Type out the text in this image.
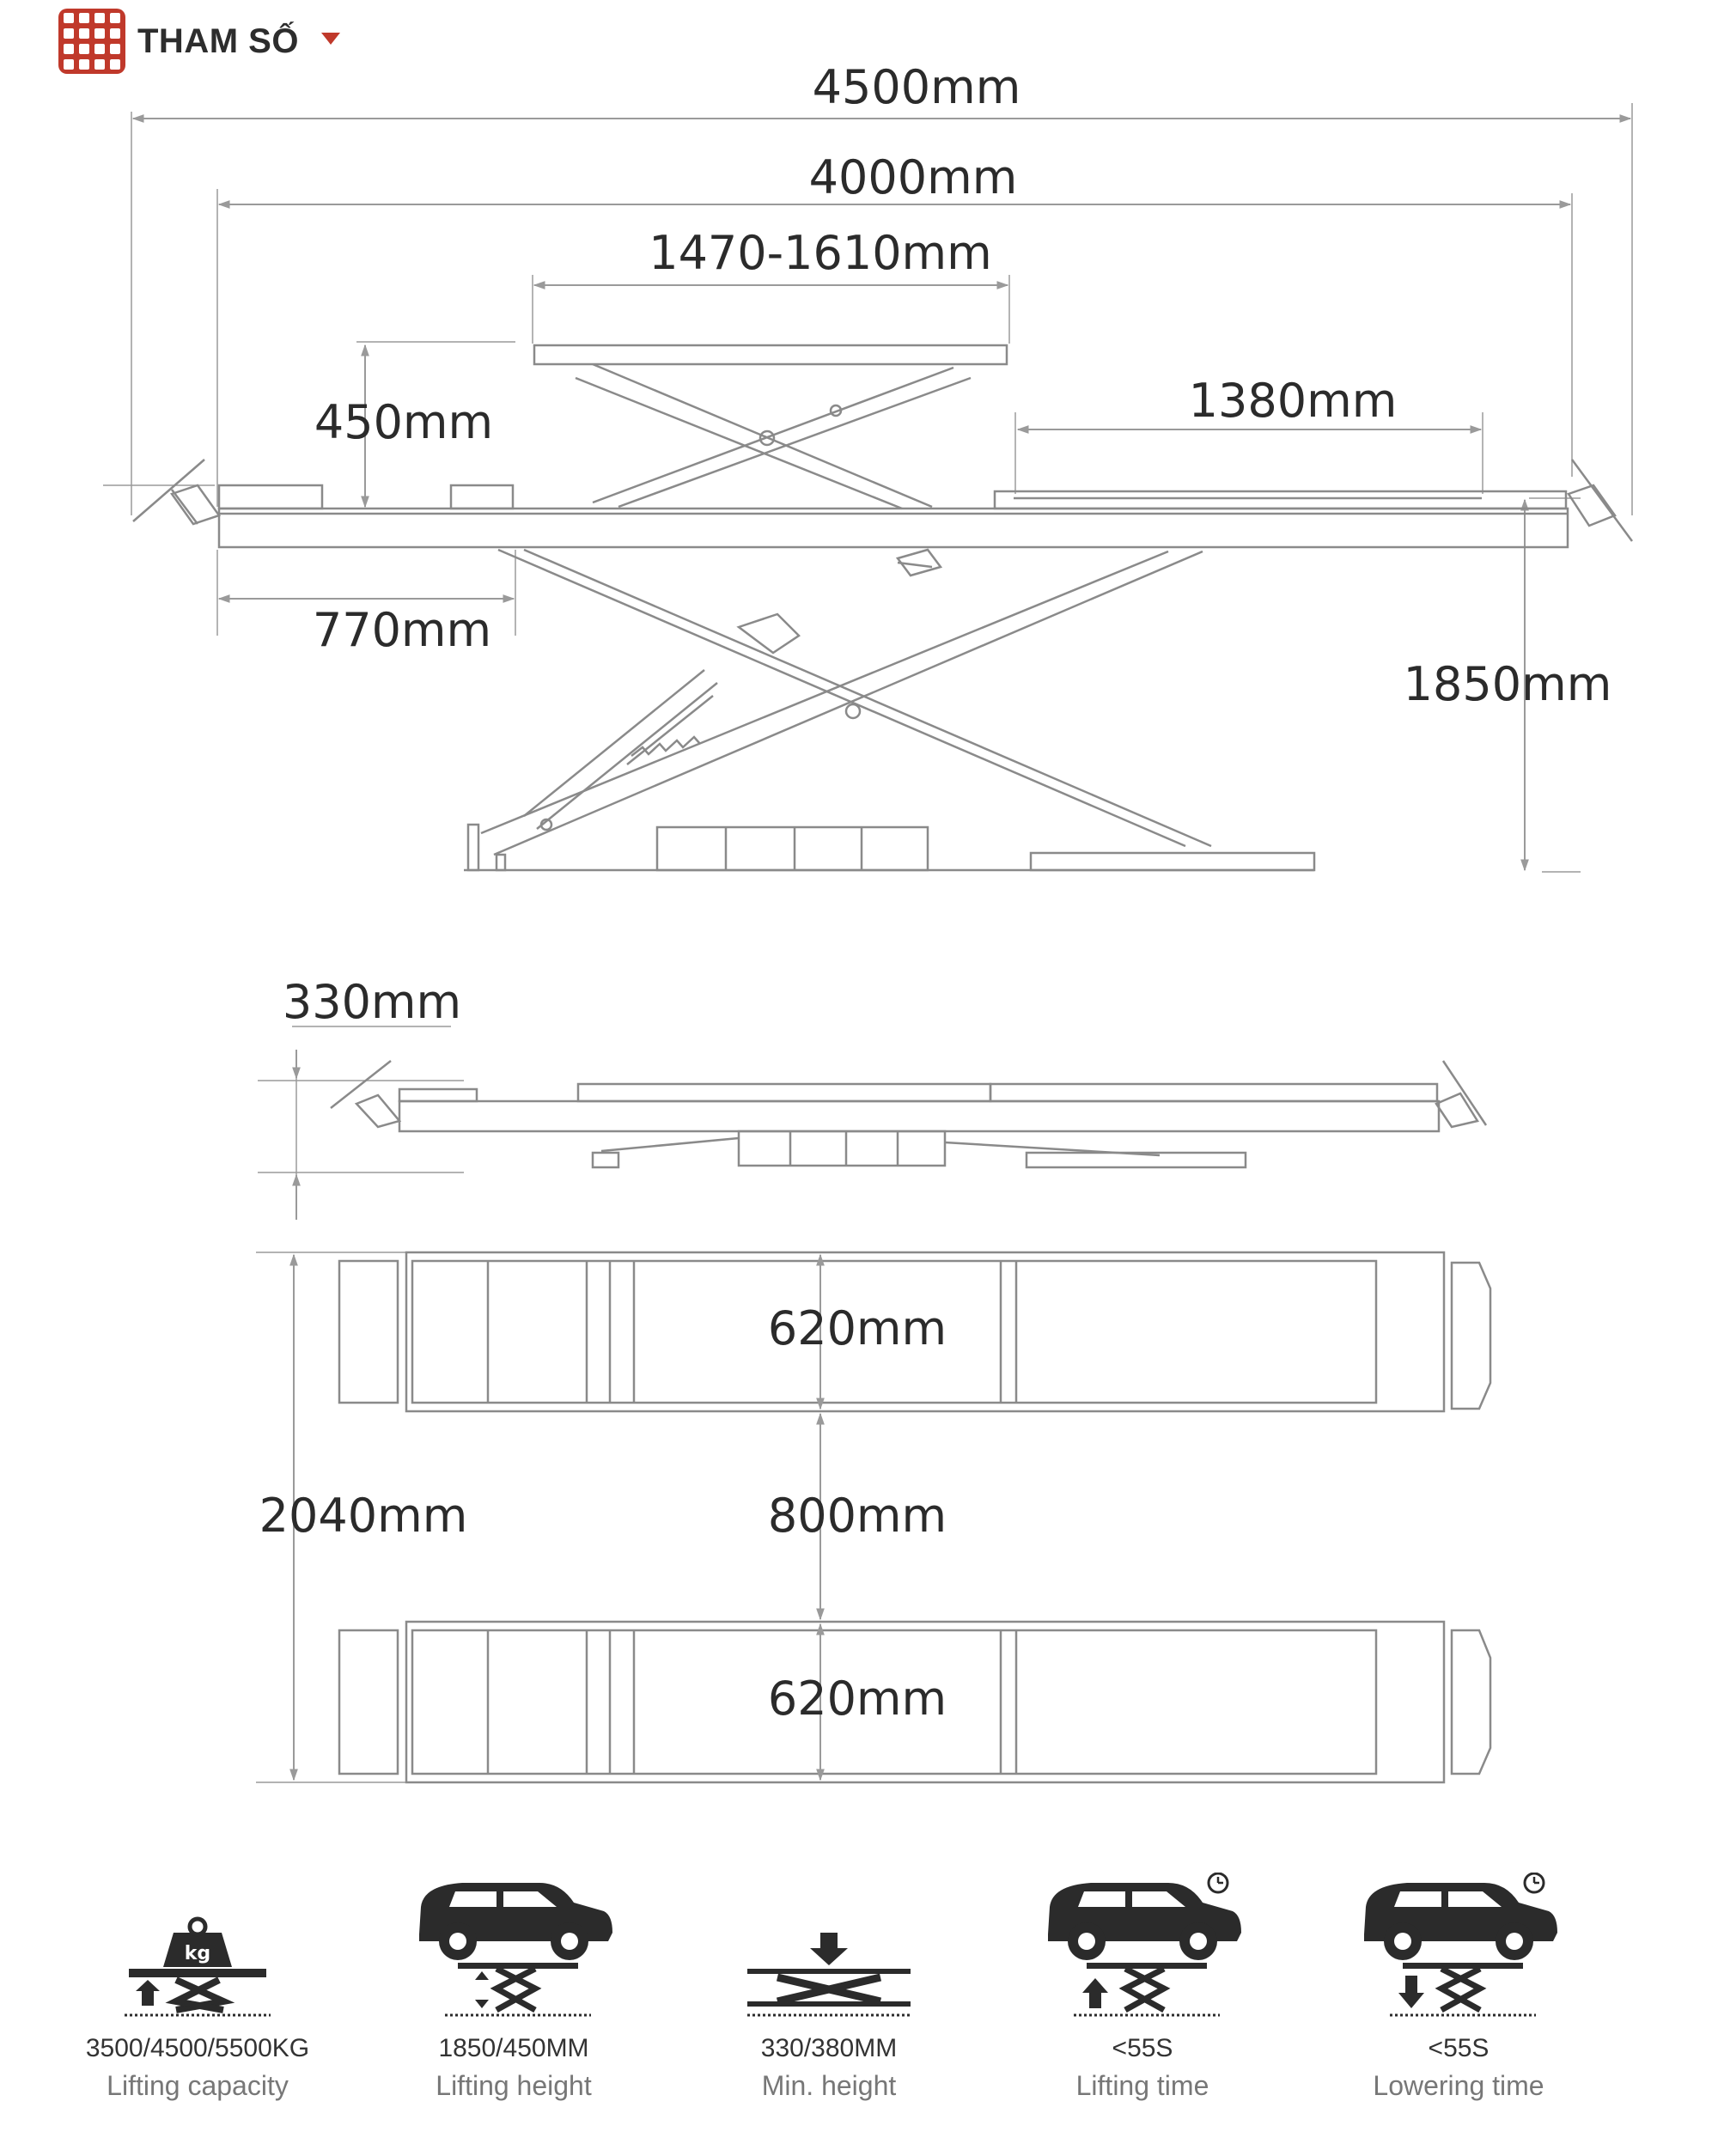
THAM SỐ
4500mm
4000mm
1470-1610mm
450mm	1380mm
770mm
1850mm
330mm
620mm
2040mm	800mm
620mm
kg
3500/4500/5500KG
Lifting capacity
1850/450MM
Lifting height
330/380MM
Min. height
<55S
Lifting time
<55S
Lowering time
